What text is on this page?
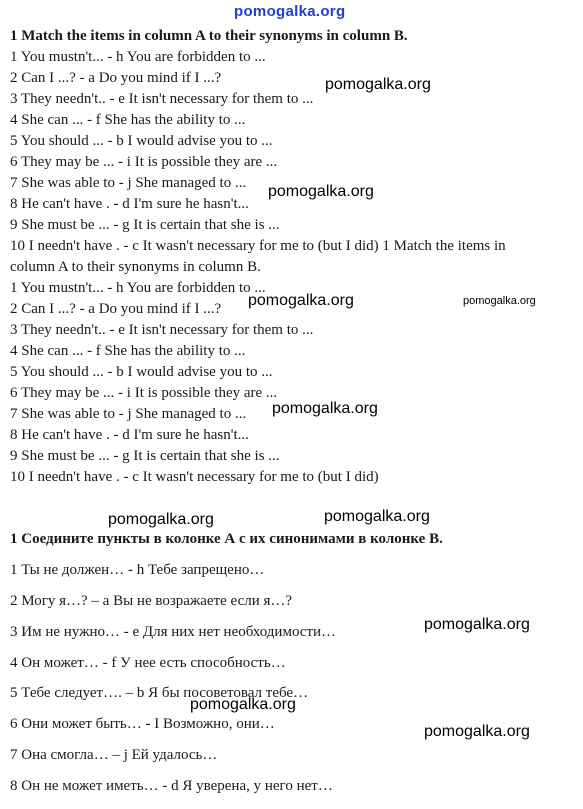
pomogalka.org
1 Match the items in column A to their synonyms in column B.
1 You mustn't... - h You are forbidden to ...
2 Can I ...? - a Do you mind if I ...?
3 They needn't.. - e It isn't necessary for them to ...
4 She can ... - f She has the ability to ...
5 You should ... - b I would advise you to ...
6 They may be ... - i It is possible they are ...
7 She was able to - j She managed to ...
8 He can't have . - d I'm sure he hasn't...
9 She must be ... - g It is certain that she is ...
10 I needn't have . - c It wasn't necessary for me to (but I did) 1 Match the items in
column A to their synonyms in column B.
1 You mustn't... - h You are forbidden to ...
2 Can I ...? - a Do you mind if I ...?
3 They needn't.. - e It isn't necessary for them to ...
4 She can ... - f She has the ability to ...
5 You should ... - b I would advise you to ...
6 They may be ... - i It is possible they are ...
7 She was able to - j She managed to ...
8 He can't have . - d I'm sure he hasn't...
9 She must be ... - g It is certain that she is ...
10 I needn't have . - c It wasn't necessary for me to (but I did)
1 Соедините пункты в колонке А с их синонимами в колонке В.
1 Ты не должен… - h Тебе запрещено…
2 Могу я…? – a Вы не возражаете если я…?
3 Им не нужно… - e Для них нет необходимости…
4 Он может… - f У нее есть способность…
5 Тебе следует…. – b Я бы посоветовал тебе…
6 Они может быть… - I Возможно, они…
7 Она смогла… – j Ей удалось…
8 Он не может иметь… - d Я уверена, у него нет…
pomogalka.org
pomogalka.org
pomogalka.org	pomogalka.org
pomogalka.org
pomogalka.org	pomogalka.org
pomogalka.org
pomogalka.org
pomogalka.org
